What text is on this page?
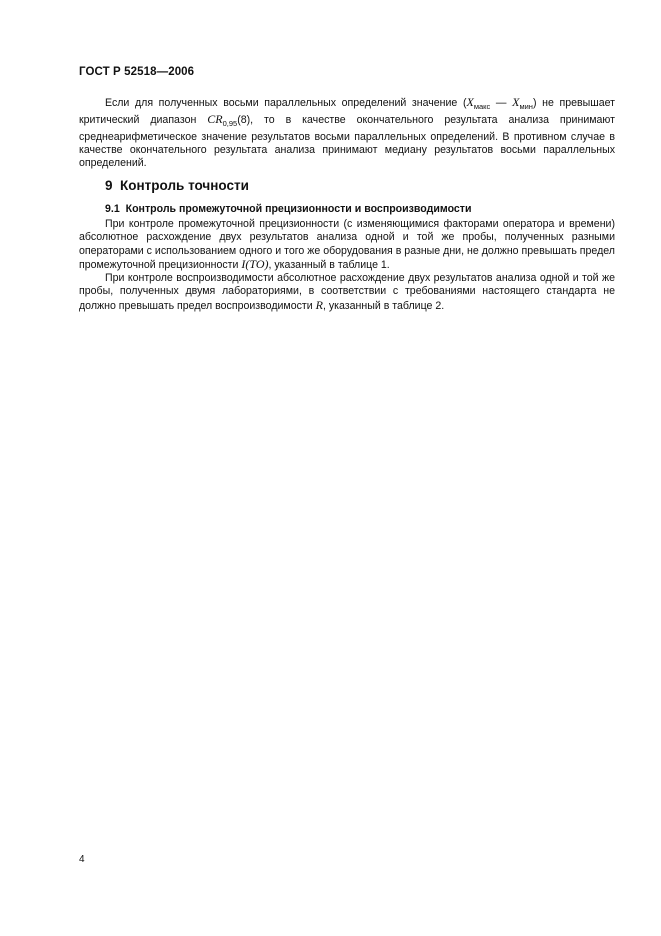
ГОСТ Р 52518—2006

Если для полученных восьми параллельных определений значение ($X_{макс}$ — $X_{мин}$) не превышает критический диапазон $CR_{0,95}(8)$, то в качестве окончательного результата анализа принимают среднеарифметическое значение результатов восьми параллельных определений. В противном случае в качестве окончательного результата анализа принимают медиану результатов восьми параллельных определений.

9 Контроль точности
9.1 Контроль промежуточной прецизионности и воспроизводимости

При контроле промежуточной прецизионности (с изменяющимися факторами оператора и времени) абсолютное расхождение двух результатов анализа одной и той же пробы, полученных разными операторами с использованием одного и того же оборудования в разные дни, не должно превышать предел промежуточной прецизионности I(TO), указанный в таблице 1.

При контроле воспроизводимости абсолютное расхождение двух результатов анализа одной и той же пробы, полученных двумя лабораториями, в соответствии с требованиями настоящего стандарта не должно превышать предел воспроизводимости R, указанный в таблице 2.

4
